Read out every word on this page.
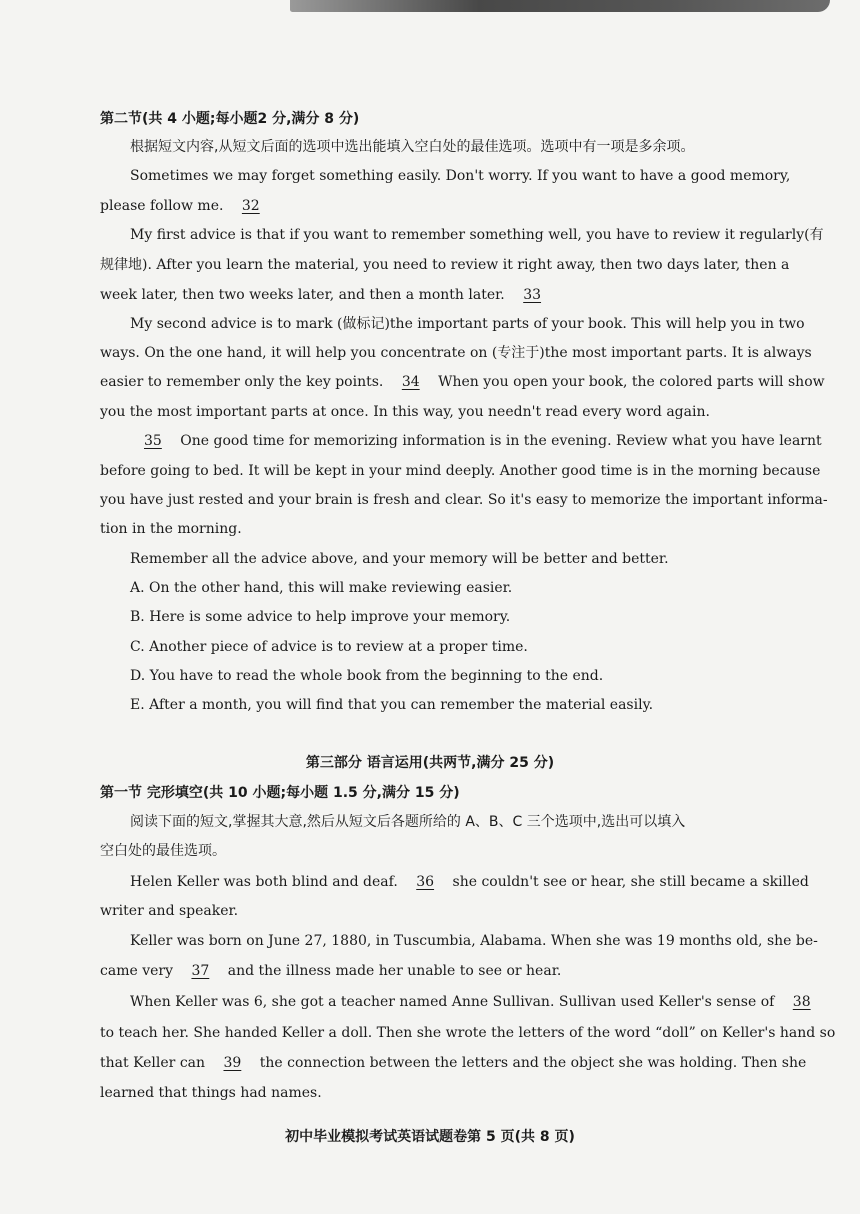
第二节(共 4 小题;每小题2 分,满分 8 分)
根据短文内容,从短文后面的选项中选出能填入空白处的最佳选项。选项中有一项是多余项。
Sometimes we may forget something easily. Don't worry. If you want to have a good memory,
please follow me. 32
My first advice is that if you want to remember something well, you have to review it regularly(有
规律地). After you learn the material, you need to review it right away, then two days later, then a
week later, then two weeks later, and then a month later. 33
My second advice is to mark (做标记)the important parts of your book. This will help you in two
ways. On the one hand, it will help you concentrate on (专注于)the most important parts. It is always
easier to remember only the key points. 34 When you open your book, the colored parts will show
you the most important parts at once. In this way, you needn't read every word again.
35 One good time for memorizing information is in the evening. Review what you have learnt
before going to bed. It will be kept in your mind deeply. Another good time is in the morning because
you have just rested and your brain is fresh and clear. So it's easy to memorize the important informa-
tion in the morning.
Remember all the advice above, and your memory will be better and better.
A. On the other hand, this will make reviewing easier.
B. Here is some advice to help improve your memory.
C. Another piece of advice is to review at a proper time.
D. You have to read the whole book from the beginning to the end.
E. After a month, you will find that you can remember the material easily.
第三部分 语言运用(共两节,满分 25 分)
第一节 完形填空(共 10 小题;每小题 1.5 分,满分 15 分)
阅读下面的短文,掌握其大意,然后从短文后各题所给的 A、B、C 三个选项中,选出可以填入
空白处的最佳选项。
Helen Keller was both blind and deaf. 36 she couldn't see or hear, she still became a skilled
writer and speaker.
Keller was born on June 27, 1880, in Tuscumbia, Alabama. When she was 19 months old, she be-
came very 37 and the illness made her unable to see or hear.
When Keller was 6, she got a teacher named Anne Sullivan. Sullivan used Keller's sense of 38
to teach her. She handed Keller a doll. Then she wrote the letters of the word “doll” on Keller's hand so
that Keller can 39 the connection between the letters and the object she was holding. Then she
learned that things had names.
初中毕业模拟考试英语试题卷第 5 页(共 8 页)
